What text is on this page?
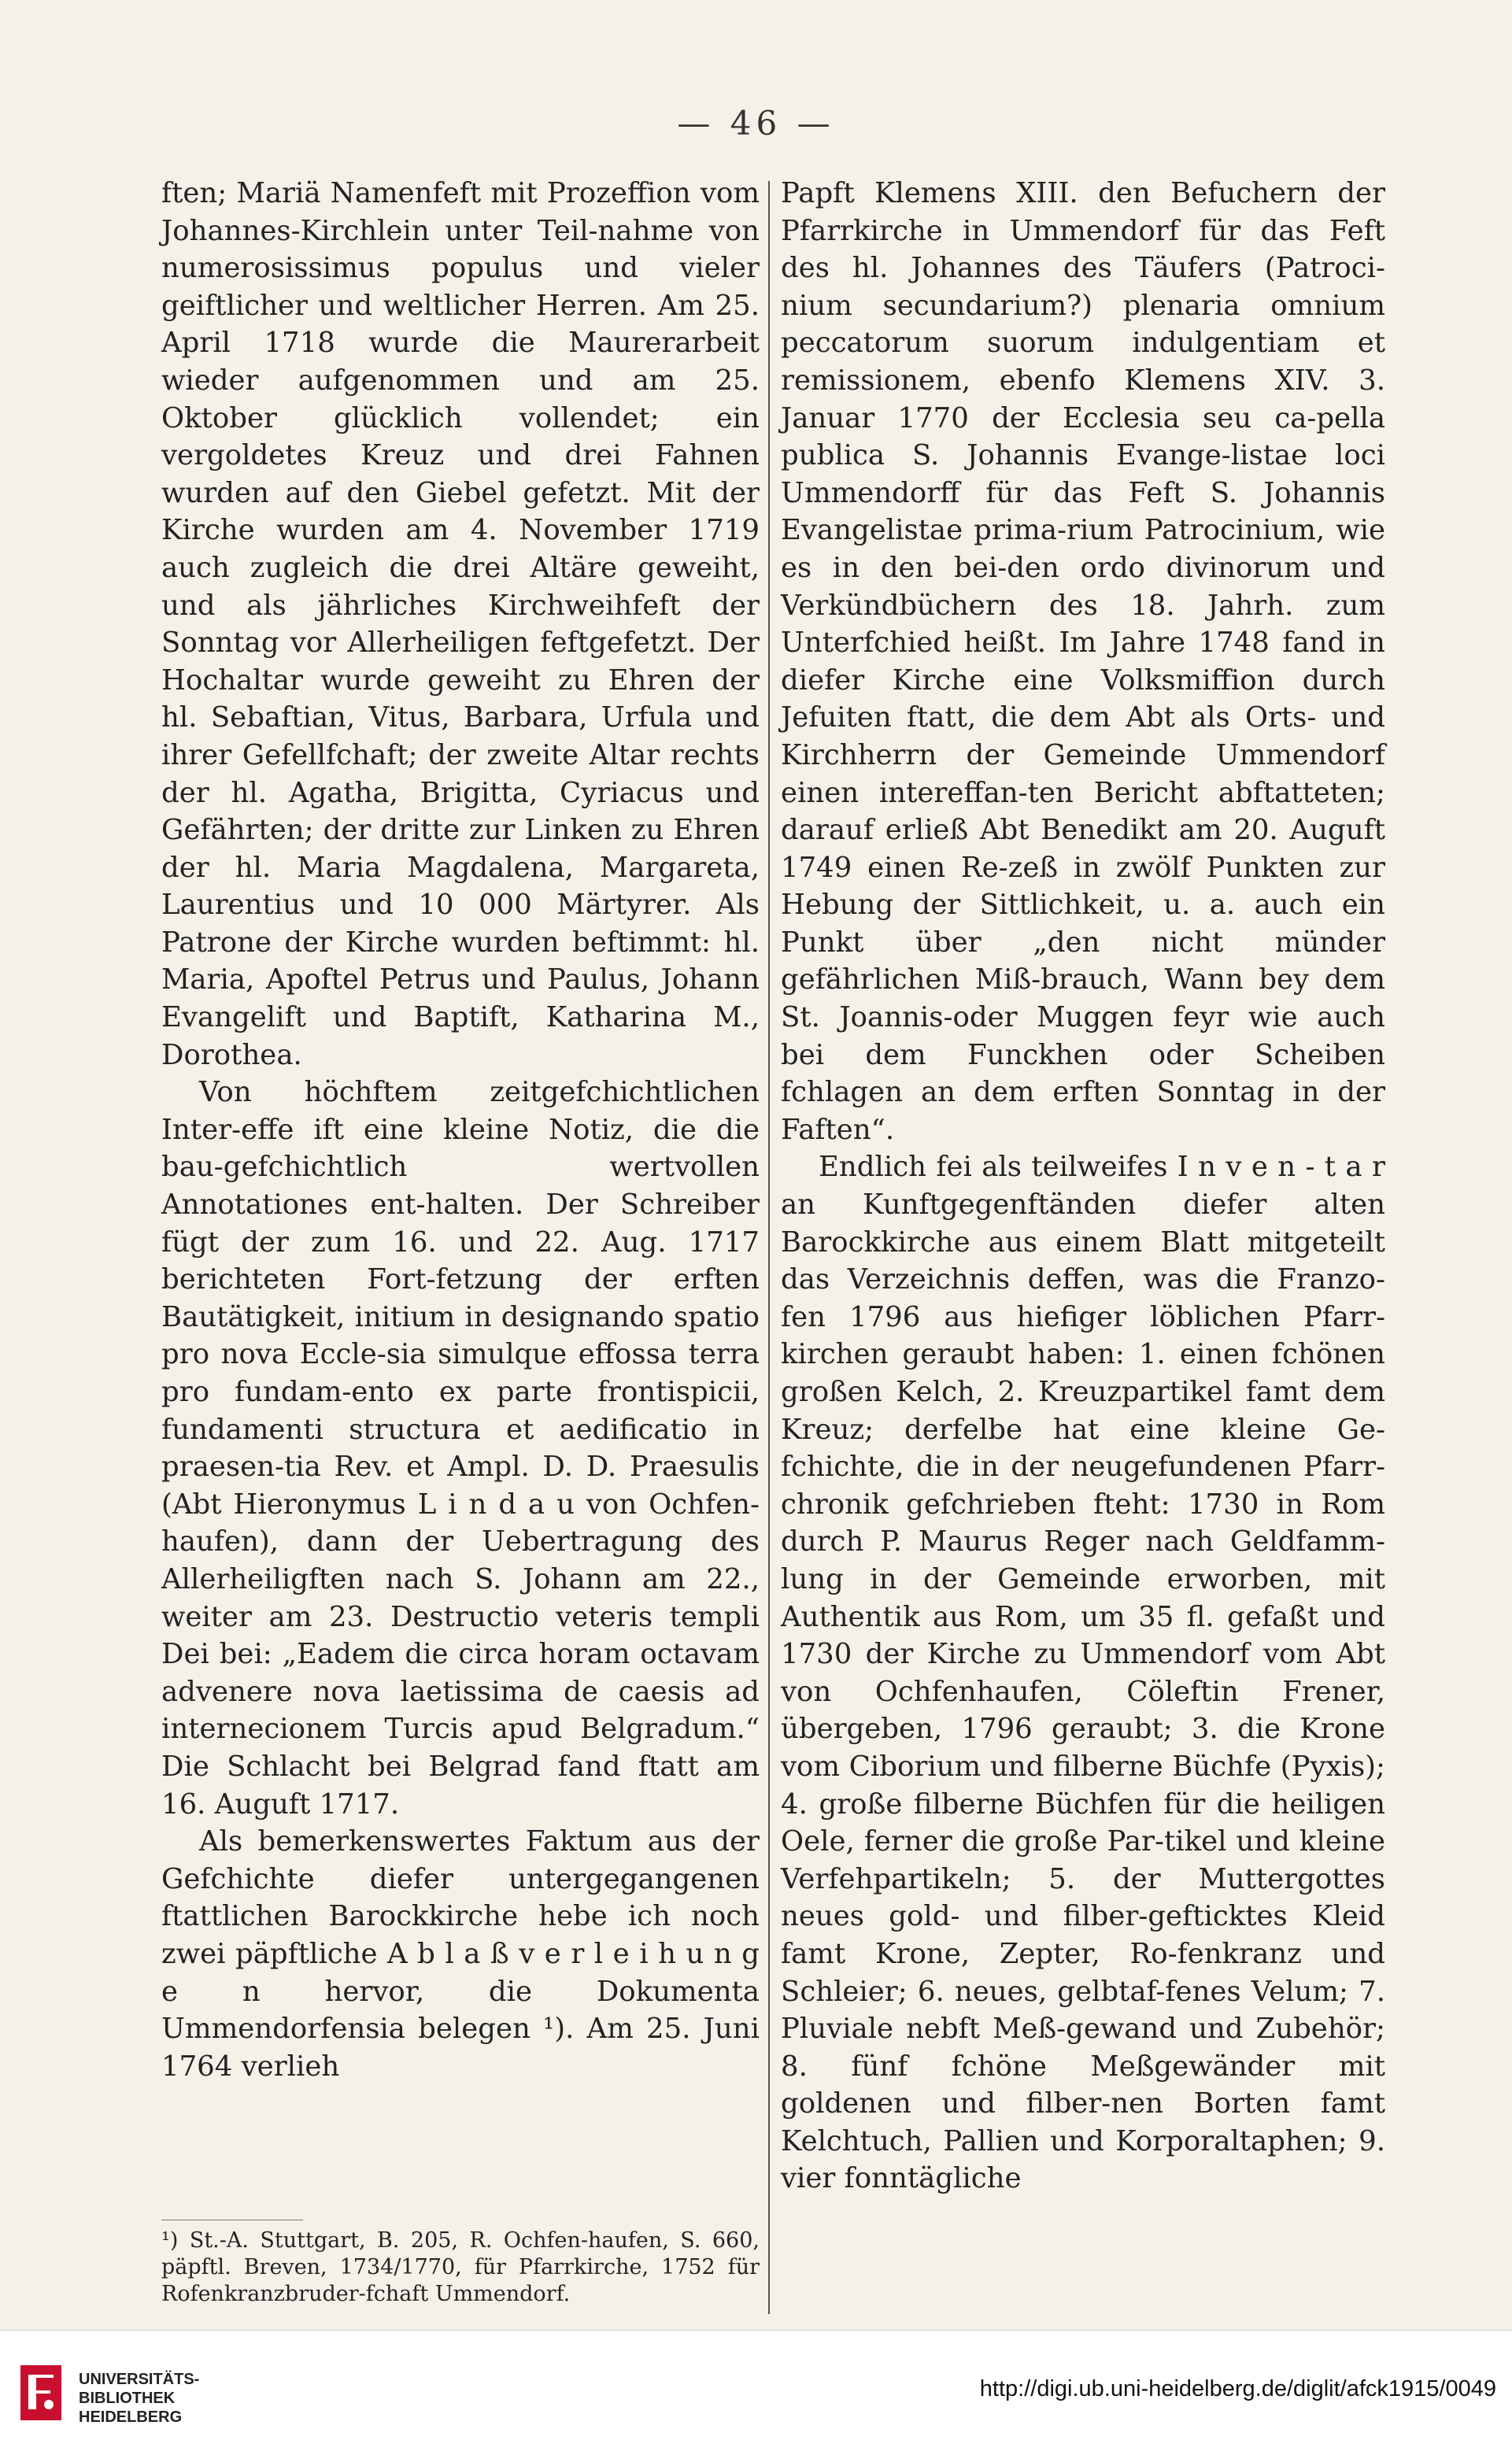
— 46 —

ften; Mariä Namenfeft mit Prozeffion vom Johannes-Kirchlein unter Teil-nahme von numerosissimus populus und vieler geiftlicher und weltlicher Herren. Am 25. April 1718 wurde die Maurerarbeit wieder aufgenommen und am 25. Oktober glücklich vollendet; ein vergoldetes Kreuz und drei Fahnen wurden auf den Giebel gefetzt. Mit der Kirche wurden am 4. November 1719 auch zugleich die drei Altäre geweiht, und als jährliches Kirchweihfeft der Sonntag vor Allerheiligen feftgefetzt. Der Hochaltar wurde geweiht zu Ehren der hl. Sebaftian, Vitus, Barbara, Urfula und ihrer Gefellfchaft; der zweite Altar rechts der hl. Agatha, Brigitta, Cyriacus und Gefährten; der dritte zur Linken zu Ehren der hl. Maria Magdalena, Margareta, Laurentius und 10 000 Märtyrer. Als Patrone der Kirche wurden beftimmt: hl. Maria, Apoftel Petrus und Paulus, Johann Evangelift und Baptift, Katharina M., Dorothea.

Von höchftem zeitgefchichtlichen Inter-effe ift eine kleine Notiz, die die bau-gefchichtlich wertvollen Annotationes ent-halten. Der Schreiber fügt der zum 16. und 22. Aug. 1717 berichteten Fort-fetzung der erften Bautätigkeit, initium in designando spatio pro nova Eccle-sia simulque effossa terra pro fundam-ento ex parte frontispicii, fundamenti structura et aedificatio in praesen-tia Rev. et Ampl. D. D. Praesulis (Abt Hieronymus L i n d a u von Ochfen-haufen), dann der Uebertragung des Allerheiligften nach S. Johann am 22., weiter am 23. Destructio veteris templi Dei bei: „Eadem die circa horam octavam advenere nova laetissima de caesis ad internecionem Turcis apud Belgradum.“ Die Schlacht bei Belgrad fand ftatt am 16. Auguft 1717.

Als bemerkenswertes Faktum aus der Gefchichte diefer untergegangenen ftattlichen Barockkirche hebe ich noch zwei päpftliche A b l a ß v e r l e i h u n g e n hervor, die Dokumenta Ummendorfensia belegen ¹). Am 25. Juni 1764 verlieh

Papft Klemens XIII. den Befuchern der Pfarrkirche in Ummendorf für das Feft des hl. Johannes des Täufers (Patroci-nium secundarium?) plenaria omnium peccatorum suorum indulgentiam et remissionem, ebenfo Klemens XIV. 3. Januar 1770 der Ecclesia seu ca-pella publica S. Johannis Evange-listae loci Ummendorff für das Feft S. Johannis Evangelistae prima-rium Patrocinium, wie es in den bei-den ordo divinorum und Verkündbüchern des 18. Jahrh. zum Unterfchied heißt. Im Jahre 1748 fand in diefer Kirche eine Volksmiffion durch Jefuiten ftatt, die dem Abt als Orts- und Kirchherrn der Gemeinde Ummendorf einen intereffan-ten Bericht abftatteten; darauf erließ Abt Benedikt am 20. Auguft 1749 einen Re-zeß in zwölf Punkten zur Hebung der Sittlichkeit, u. a. auch ein Punkt über „den nicht münder gefährlichen Miß-brauch, Wann bey dem St. Joannis-oder Muggen feyr wie auch bei dem Funckhen oder Scheiben fchlagen an dem erften Sonntag in der Faften“.

Endlich fei als teilweifes I n v e n - t a r an Kunftgegenftänden diefer alten Barockkirche aus einem Blatt mitgeteilt das Verzeichnis deffen, was die Franzo-fen 1796 aus hiefiger löblichen Pfarr-kirchen geraubt haben: 1. einen fchönen großen Kelch, 2. Kreuzpartikel famt dem Kreuz; derfelbe hat eine kleine Ge-fchichte, die in der neugefundenen Pfarr-chronik gefchrieben fteht: 1730 in Rom durch P. Maurus Reger nach Geldfamm-lung in der Gemeinde erworben, mit Authentik aus Rom, um 35 fl. gefaßt und 1730 der Kirche zu Ummendorf vom Abt von Ochfenhaufen, Cöleftin Frener, übergeben, 1796 geraubt; 3. die Krone vom Ciborium und filberne Büchfe (Pyxis); 4. große filberne Büchfen für die heiligen Oele, ferner die große Par-tikel und kleine Verfehpartikeln; 5. der Muttergottes neues gold- und filber-gefticktes Kleid famt Krone, Zepter, Ro-fenkranz und Schleier; 6. neues, gelbtaf-fenes Velum; 7. Pluviale nebft Meß-gewand und Zubehör; 8. fünf fchöne Meßgewänder mit goldenen und filber-nen Borten famt Kelchtuch, Pallien und Korporaltaphen; 9. vier fonntägliche

¹) St.-A. Stuttgart, B. 205, R. Ochfen-haufen, S. 660, päpftl. Breven, 1734/1770, für Pfarrkirche, 1752 für Rofenkranzbruder-fchaft Ummendorf.
UNIVERSITÄTS-
BIBLIOTHEK
HEIDELBERG
http://digi.ub.uni-heidelberg.de/diglit/afck1915/0049
